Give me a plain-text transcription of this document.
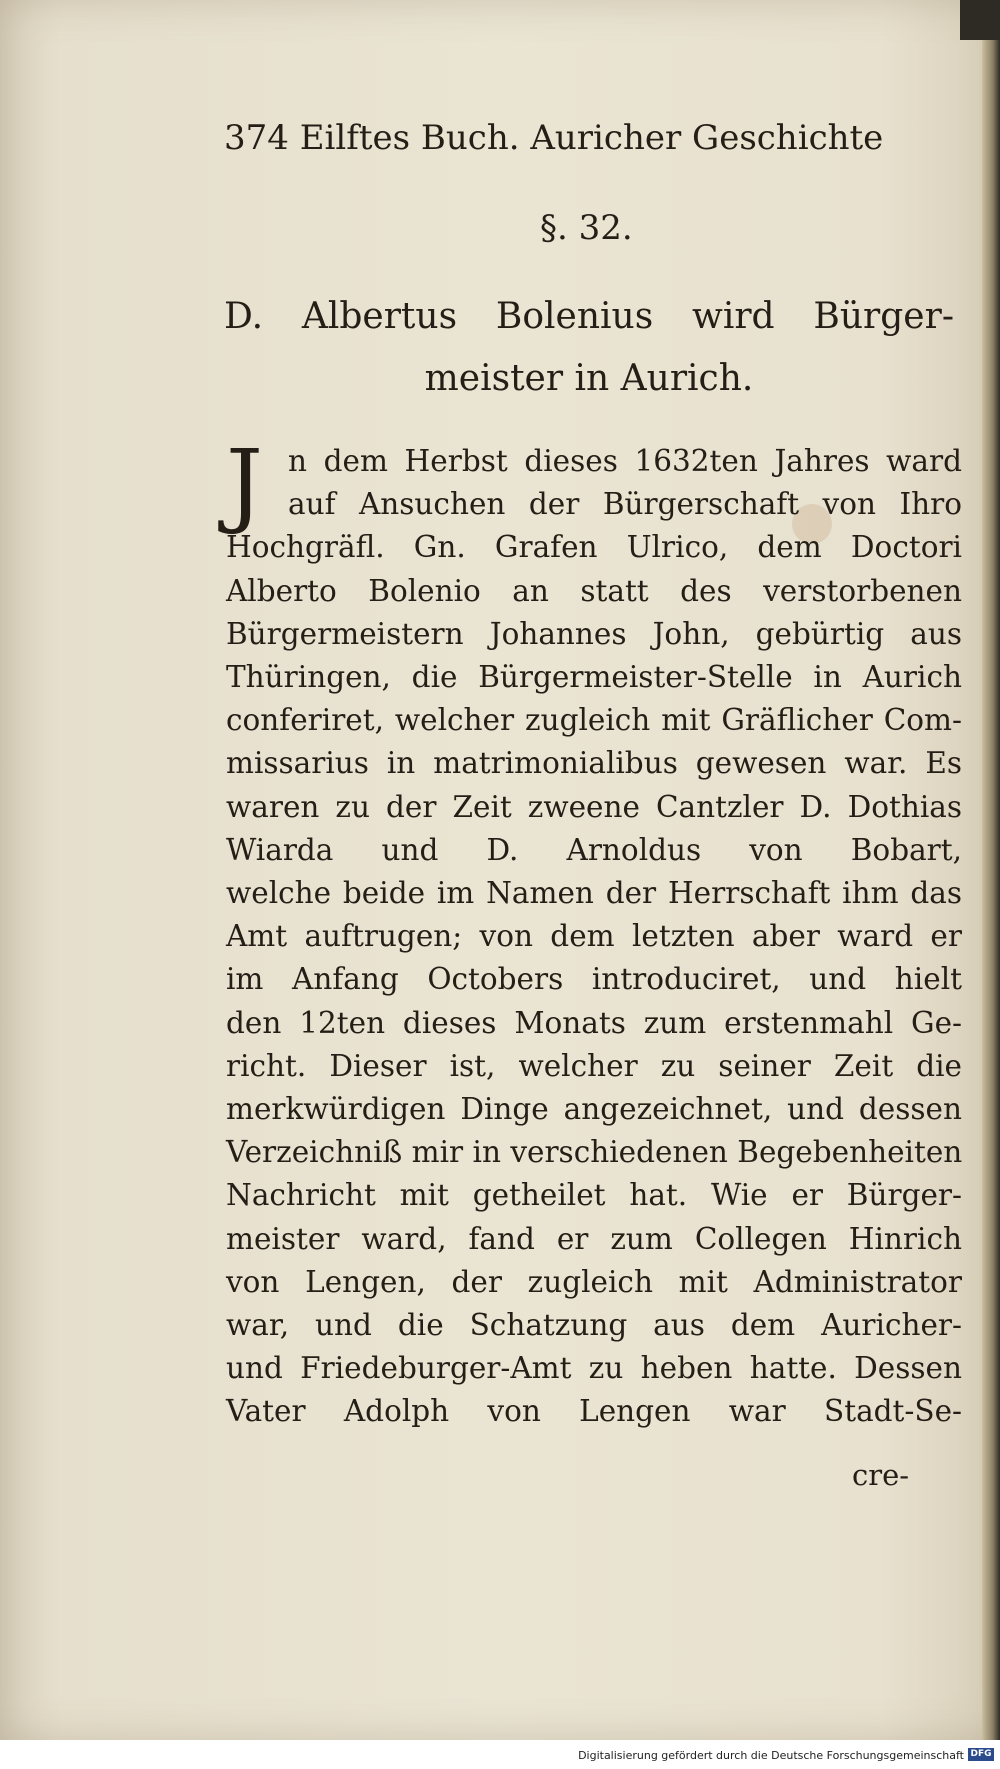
374 Eilftes Buch. Auricher Geschichte
§. 32.
D. Albertus Bolenius wird Bürger-
meister in Aurich.
J n dem Herbst dieses 1632ten Jahres ward
auf Ansuchen der Bürgerschaft von Ihro
Hochgräfl. Gn. Grafen Ulrico, dem Doctori
Alberto Bolenio an statt des verstorbenen
Bürgermeistern Johannes John, gebürtig aus
Thüringen, die Bürgermeister-Stelle in Aurich
conferiret, welcher zugleich mit Gräflicher Com-
missarius in matrimonialibus gewesen war. Es
waren zu der Zeit zweene Cantzler D. Dothias
Wiarda und D. Arnoldus von Bobart,
welche beide im Namen der Herrschaft ihm das
Amt auftrugen; von dem letzten aber ward er
im Anfang Octobers introduciret, und hielt
den 12ten dieses Monats zum erstenmahl Ge-
richt. Dieser ist, welcher zu seiner Zeit die
merkwürdigen Dinge angezeichnet, und dessen
Verzeichniß mir in verschiedenen Begebenheiten
Nachricht mit getheilet hat. Wie er Bürger-
meister ward, fand er zum Collegen Hinrich
von Lengen, der zugleich mit Administrator
war, und die Schatzung aus dem Auricher-
und Friedeburger-Amt zu heben hatte. Dessen
Vater Adolph von Lengen war Stadt-Se-
cre-
Digitalisierung gefördert durch die Deutsche Forschungsgemeinschaft DFG
